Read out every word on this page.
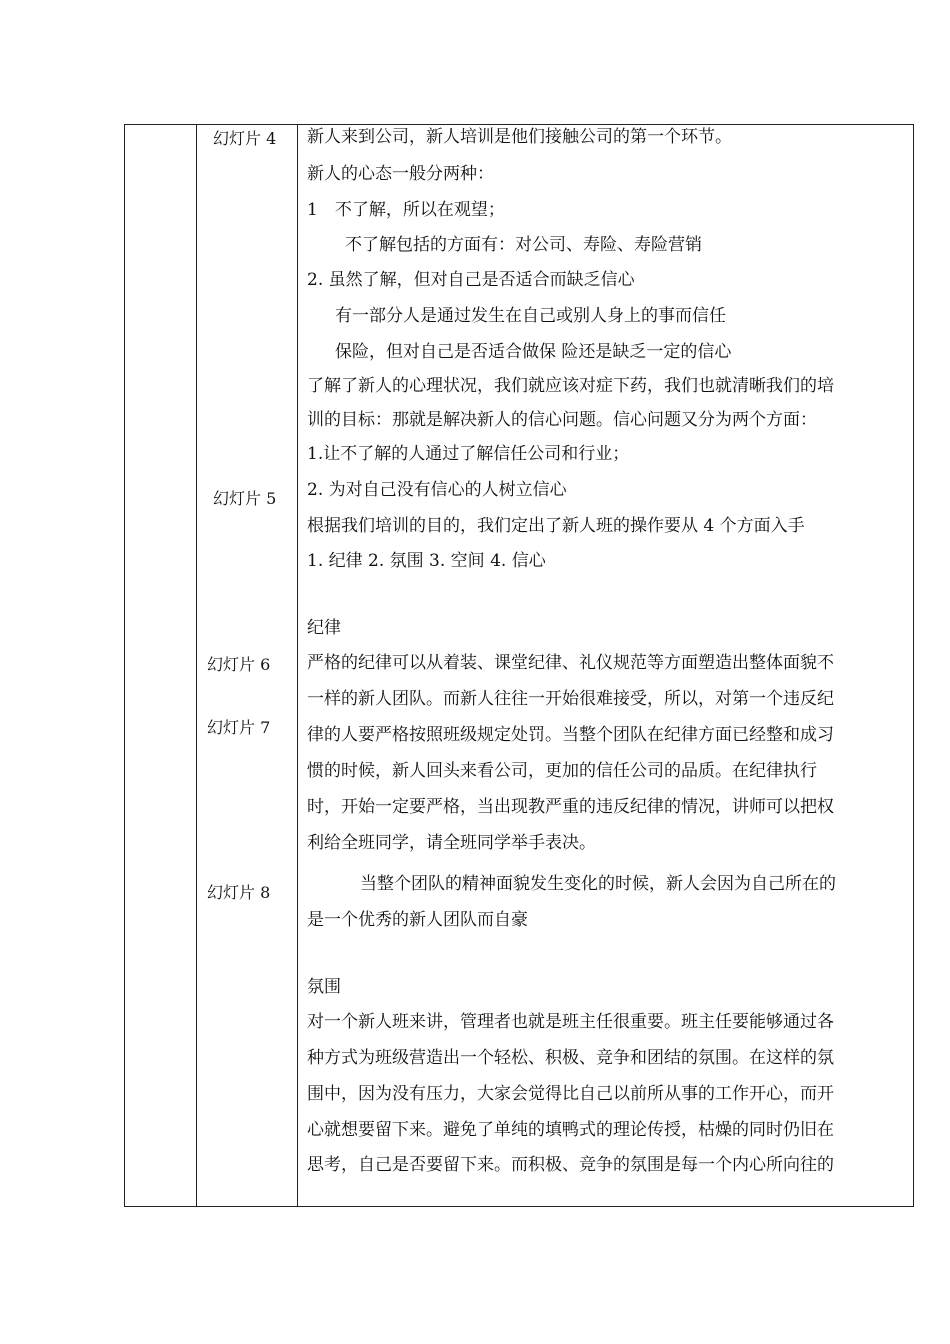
幻灯片 4
幻灯片 5
幻灯片 6
幻灯片 7
幻灯片 8
新人来到公司，新人培训是他们接触公司的第一个环节。
新人的心态一般分两种：
1　不了解，所以在观望；
不了解包括的方面有：对公司、寿险、寿险营销
2. 虽然了解，但对自己是否适合而缺乏信心
有一部分人是通过发生在自己或别人身上的事而信任
保险，但对自己是否适合做保 险还是缺乏一定的信心
了解了新人的心理状况，我们就应该对症下药，我们也就清晰我们的培
训的目标：那就是解决新人的信心问题。信心问题又分为两个方面：
1.让不了解的人通过了解信任公司和行业；
2. 为对自己没有信心的人树立信心
根据我们培训的目的，我们定出了新人班的操作要从 4 个方面入手
1. 纪律 2. 氛围 3. 空间 4. 信心
纪律
严格的纪律可以从着装、课堂纪律、礼仪规范等方面塑造出整体面貌不
一样的新人团队。而新人往往一开始很难接受，所以，对第一个违反纪
律的人要严格按照班级规定处罚。当整个团队在纪律方面已经整和成习
惯的时候，新人回头来看公司，更加的信任公司的品质。在纪律执行
时，开始一定要严格，当出现教严重的违反纪律的情况，讲师可以把权
利给全班同学，请全班同学举手表决。
当整个团队的精神面貌发生变化的时候，新人会因为自己所在的
是一个优秀的新人团队而自豪
氛围
对一个新人班来讲，管理者也就是班主任很重要。班主任要能够通过各
种方式为班级营造出一个轻松、积极、竞争和团结的氛围。在这样的氛
围中，因为没有压力，大家会觉得比自己以前所从事的工作开心，而开
心就想要留下来。避免了单纯的填鸭式的理论传授，枯燥的同时仍旧在
思考，自己是否要留下来。而积极、竞争的氛围是每一个内心所向往的
